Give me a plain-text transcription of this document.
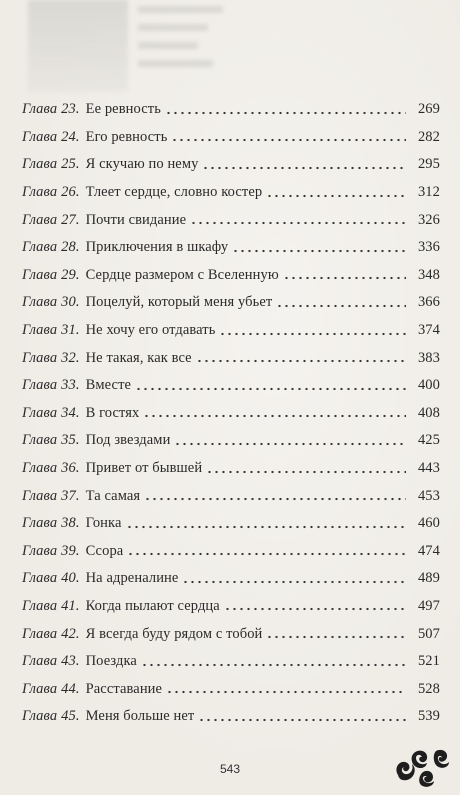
Глава 23 . Ее ревность	269
Глава 24 . Его ревность	282
Глава 25 . Я скучаю по нему	295
Глава 26 . Тлеет сердце, словно костер	312
Глава 27 . Почти свидание	326
Глава 28 . Приключения в шкафу	336
Глава 29 . Сердце размером с Вселенную	348
Глава 30 . Поцелуй, который меня убьет	366
Глава 31 . Не хочу его отдавать	374
Глава 32 . Не такая, как все	383
Глава 33 . Вместе	400
Глава 34 . В гостях	408
Глава 35 . Под звездами	425
Глава 36 . Привет от бывшей	443
Глава 37 . Та самая	453
Глава 38 . Гонка	460
Глава 39 . Ссора	474
Глава 40 . На адреналине	489
Глава 41 . Когда пылают сердца	497
Глава 42 . Я всегда буду рядом с тобой	507
Глава 43 . Поездка	521
Глава 44 . Расставание	528
Глава 45 . Меня больше нет	539
543
